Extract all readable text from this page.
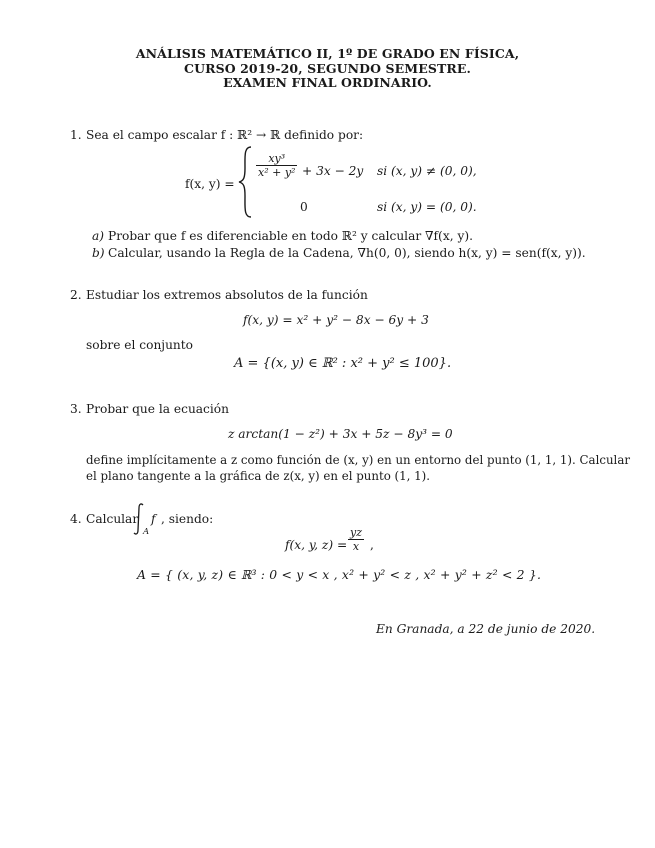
ANÁLISIS MATEMÁTICO II, 1º DE GRADO EN FÍSICA,
CURSO 2019-20, SEGUNDO SEMESTRE.
EXAMEN FINAL ORDINARIO.
1. Sea el campo escalar f : ℝ² → ℝ definido por:
f(x, y) =
$\frac{\text{xy³}}{\text{x² + y²}} + 3x - 2y$ si (x, y) ≠ (0, 0),
0	si (x, y) = (0, 0).
a) Probar que f es diferenciable en todo ℝ² y calcular ∇f(x, y).
b) Calcular, usando la Regla de la Cadena, ∇h(0, 0), siendo h(x, y) = sen(f(x, y)).
2. Estudiar los extremos absolutos de la función
f(x, y) = x² + y² − 8x − 6y + 3
sobre el conjunto
A = {(x, y) ∈ ℝ² : x² + y² ≤ 100}.
3. Probar que la ecuación
z arctan(1 − z²) + 3x + 5z − 8y³ = 0
define implícitamente a z como función de (x, y) en un entorno del punto (1, 1, 1). Calcular
el plano tangente a la gráfica de z(x, y) en el punto (1, 1).
4. Calcular
A
f , siendo:
f(x, y, $z) = \frac{yz}{x}$ ,
A = { (x, y, z) ∈ ℝ³ : 0 < y < x , x² + y² < z , x² + y² + z² < 2 }.
En Granada, a 22 de junio de 2020.
